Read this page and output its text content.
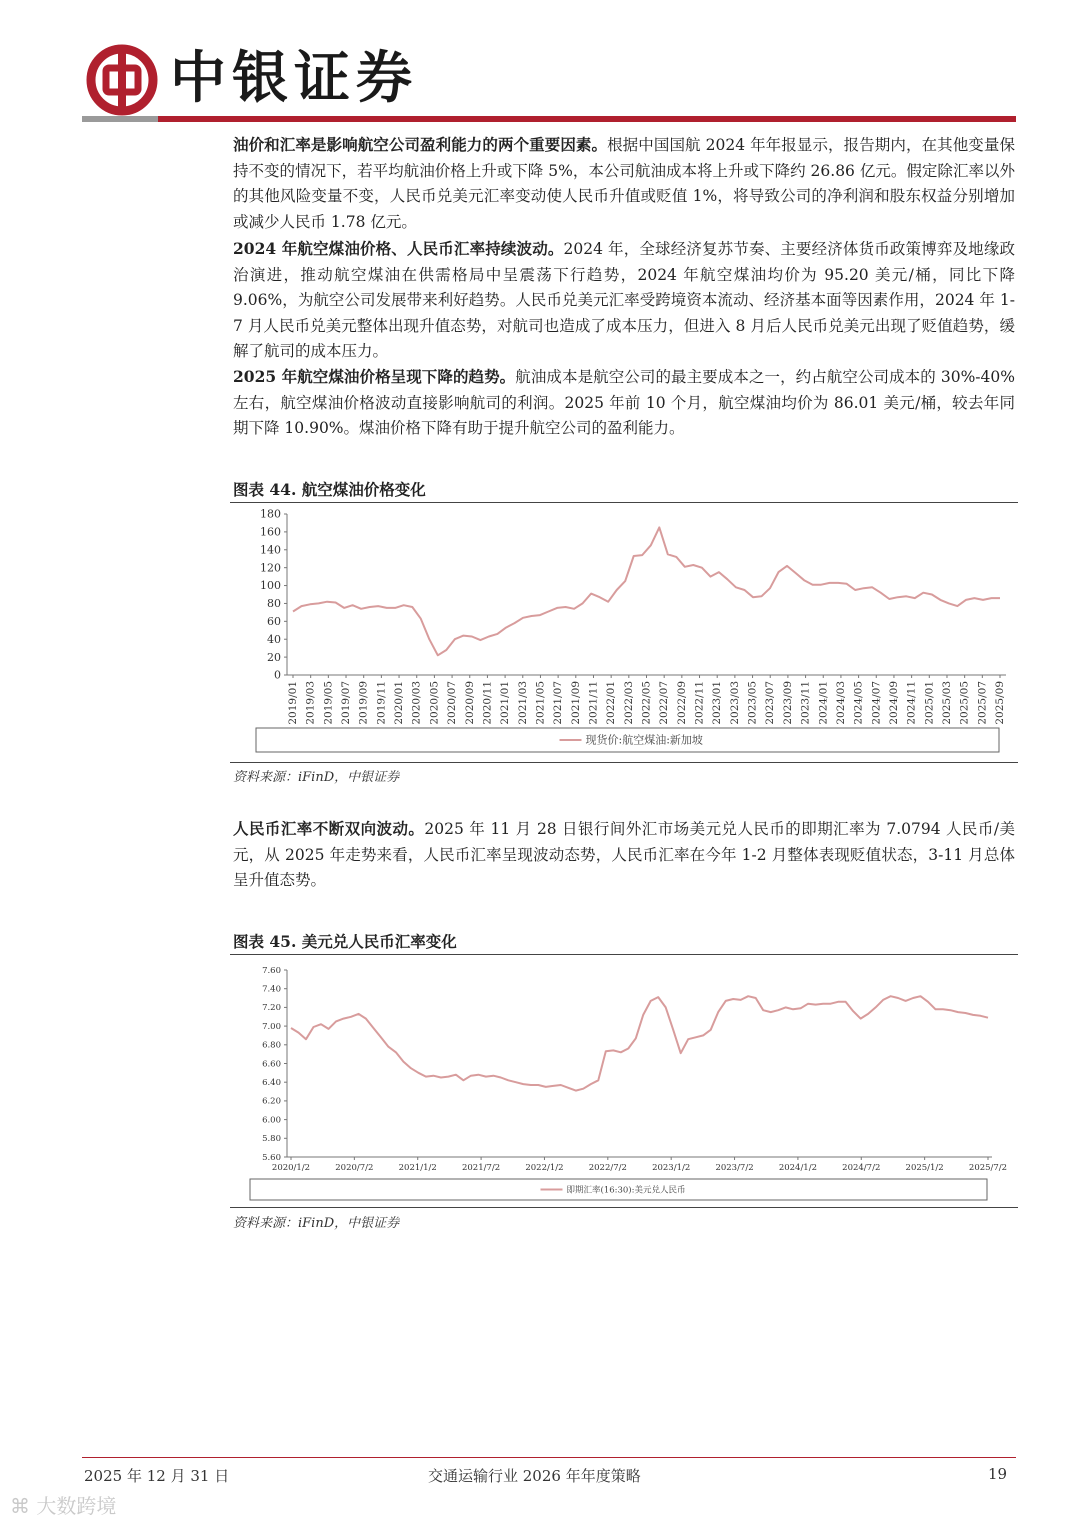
中银证券

油价和汇率是影响航空公司盈利能力的两个重要因素。根据中国国航 2024 年年报显示，报告期内，在其他变量保持不变的情况下，若平均航油价格上升或下降 5%，本公司航油成本将上升或下降约 26.86 亿元。假定除汇率以外的其他风险变量不变，人民币兑美元汇率变动使人民币升值或贬值 1%，将导致公司的净利润和股东权益分别增加或减少人民币 1.78 亿元。

2024 年航空煤油价格、人民币汇率持续波动。2024 年，全球经济复苏节奏、主要经济体货币政策博弈及地缘政治演进，推动航空煤油在供需格局中呈震荡下行趋势，2024 年航空煤油均价为 95.20 美元/桶，同比下降 9.06%，为航空公司发展带来利好趋势。人民币兑美元汇率受跨境资本流动、经济基本面等因素作用，2024 年 1-7 月人民币兑美元整体出现升值态势，对航司也造成了成本压力，但进入 8 月后人民币兑美元出现了贬值趋势，缓解了航司的成本压力。

2025 年航空煤油价格呈现下降的趋势。航油成本是航空公司的最主要成本之一，约占航空公司成本的 30%-40%左右，航空煤油价格波动直接影响航司的利润。2025 年前 10 个月，航空煤油均价为 86.01 美元/桶，较去年同期下降 10.90%。煤油价格下降有助于提升航空公司的盈利能力。

图表 44. 航空煤油价格变化

0
20
40
60
80
100
120
140
160
180
2019/01 2019/03 2019/05 2019/07 2019/09 2019/11 2020/01 2020/03 2020/05 2020/07 2020/09 2020/11 2021/01 2021/03 2021/05 2021/07 2021/09 2021/11 2022/01 2022/03 2022/05 2022/07 2022/09 2022/11 2023/01 2023/03 2023/05 2023/07 2023/09 2023/11 2024/01 2024/03 2024/05 2024/07 2024/09 2024/11 2025/01 2025/03 2025/05 2025/07 2025/09
现货价:航空煤油:新加坡

资料来源：iFinD，中银证券

人民币汇率不断双向波动。2025 年 11 月 28 日银行间外汇市场美元兑人民币的即期汇率为 7.0794 人民币/美元，从 2025 年走势来看，人民币汇率呈现波动态势，人民币汇率在今年 1-2 月整体表现贬值状态，3-11 月总体呈升值态势。

图表 45. 美元兑人民币汇率变化

5.60
5.80
6.00
6.20
6.40
6.60
6.80
7.00
7.20
7.40
7.60
2020/1/2	2020/7/2	2021/1/2	2021/7/2	2022/1/2	2022/7/2	2023/1/2	2023/7/2	2024/1/2	2024/7/2	2025/1/2	2025/7/2
即期汇率(16:30):美元兑人民币

资料来源：iFinD，中银证券

2025 年 12 月 31 日	交通运输行业 2026 年年度策略	19

⌘ 大数跨境
